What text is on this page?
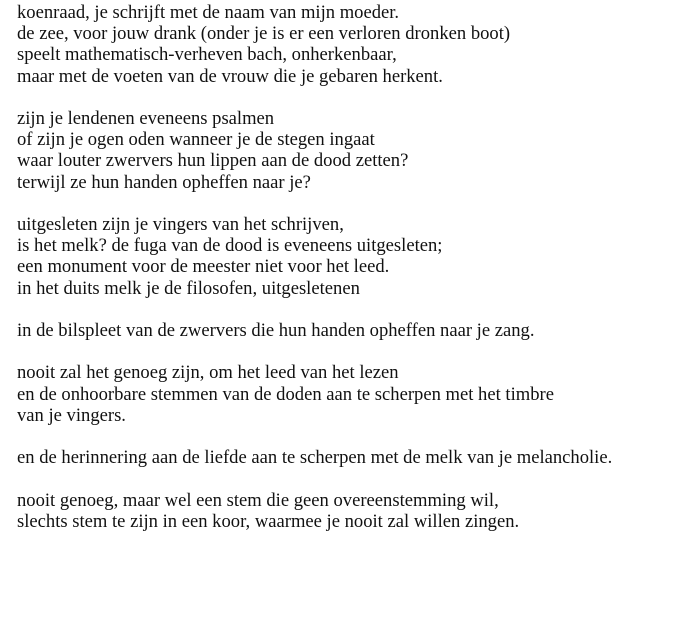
koenraad, je schrijft met de naam van mijn moeder.
de zee, voor jouw drank (onder je is er een verloren dronken boot)
speelt mathematisch-verheven bach, onherkenbaar,
maar met de voeten van de vrouw die je gebaren herkent.
zijn je lendenen eveneens psalmen
of zijn je ogen oden wanneer je de stegen ingaat
waar louter zwervers hun lippen aan de dood zetten?
terwijl ze hun handen opheffen naar je?
uitgesleten zijn je vingers van het schrijven,
is het melk? de fuga van de dood is eveneens uitgesleten;
een monument voor de meester niet voor het leed.
in het duits melk je de filosofen, uitgesletenen
in de bilspleet van de zwervers die hun handen opheffen naar je zang.
nooit zal het genoeg zijn, om het leed van het lezen
en de onhoorbare stemmen van de doden aan te scherpen met het timbre
van je vingers.
en de herinnering aan de liefde aan te scherpen met de melk van je melancholie.
nooit genoeg, maar wel een stem die geen overeenstemming wil,
slechts stem te zijn in een koor, waarmee je nooit zal willen zingen.
